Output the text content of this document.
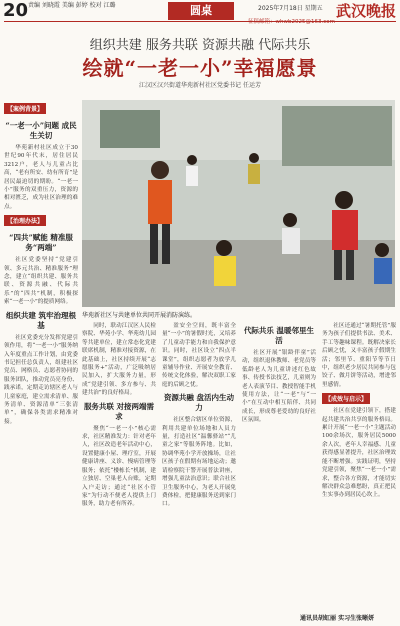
20 责编 刘晓霞 美编 彭婷 校对 江璐	圆桌	2025年7月18日 星期五 武汉晚报
征稿邮箱：whwb2025@163.com
组织共建 服务共联 资源共融 代际共乐
绘就“一老一小”幸福愿景
江汉区汉兴街道华苑新村社区党委书记 任运芳
【案例背景】
“一老一小”问题 成民生关切

华苑新村社区成立于30世纪90年代末，居住居民3212户，老人与儿童占比高，“老有所安、幼有所育”是居民最迫切的期盼。“一老一小”服务的双重压力，资源的相对匮乏，成为社区治理的难点。

【治理办法】
“四共”赋能 精准服务“两端”

社区党委坚持“党建引领、多元共治、精准服务”理念，建立“组织共建、服务共联、资源共融、代际共乐”的“四共”机制，积极探索“一老一小”的提质网络。

组织共建 筑牢治理根基

社区党委充分发挥党建引领作用，将“一老一小”服务纳入年度重点工作计划，由党委书记担任总负责人，组建社区党员、网格员、志愿者协同的服务团队，推动党员亮身份、践承诺，定期走访辖区老人与儿童家庭，建立需求清单、服务清单、资源清单“三张清单”，确保各类需求精准对接。

华苑新社区与共建单位共同开展消防演练。

同时，联动江汉区人民检察院、华苑小学、华苑幼儿园等共建单位，建立常态化党建联席机制，精准对接资源，在此基础上，社区持续开展“志愿服务+”活动，广泛吸纳居民加入，扩大服务力量，形成“党建引领、多方参与、共建共治”的良好格局。

服务共联 对接两端需求

聚焦“一老一小”核心需求，社区精准发力：针对老年人，社区改造老年活动中心，设置健康小屋、理疗室，开展健康讲座、义诊、慢病管理等服务；依托“楼栋长”机制，建立独居、空巢老人台账，定期入户走访；通过“社区小管家”为行动不便老人提供上门服务，助力老有所养。

盈安全空间，既丰富全量“一小”的暑假时光，又培养了儿童动手能力和自我保护意识。同时，社区设立“四点半课堂”，组织志愿者为放学儿童辅导作业、开展安全教育、传统文化体验，解决双职工家庭的后顾之忧。

资源共融 盘活内生动力

社区整合辖区单位资源，利用共建单位场地和人员力量，打造社区“温馨驿站”“儿童之家”等服务阵地。比如，协调华苑小学开放操场，让社区孩子在假期有场地运动；邀请检察院干警开展普法讲座，增强儿童法治意识；联合社区卫生服务中心，为老人开展免费体检，把健康服务送到家门口。

代际共乐 温暖邻里生活

社区开展“银龄伴童”活动，组织退休教师、老党员等低龄老人为儿童讲述红色故事、传授书法技艺，儿童则为老人表演节目、教授智能手机使用方法，让“一老”与“一小”在互动中相互陪伴、共同成长，形成尊老爱幼的良好社区氛围。

社区还通过“暑期托管”服务为孩子们提供书法、美术、手工等趣味课程。既解决家长后顾之忧，又丰富孩子假期生活；邻里节、重阳节等节日中，组织老少居民共同参与包饺子、做月饼等活动，增进邻里感情。

【成效与启示】

社区在党建引领下，搭建起共建共治共享的服务格局。累计开展“一老一小”主题活动100余场次，服务居民5000余人次，老年人幸福感、儿童获得感显著提升，社区治理效能不断增强。实践证明，坚持党建引领，聚焦“一老一小”需求，整合各方资源，才能切实解决群众急难愁盼，真正把民生实事办到居民心坎上。

通讯员胡虹丽 实习生张晰妍
